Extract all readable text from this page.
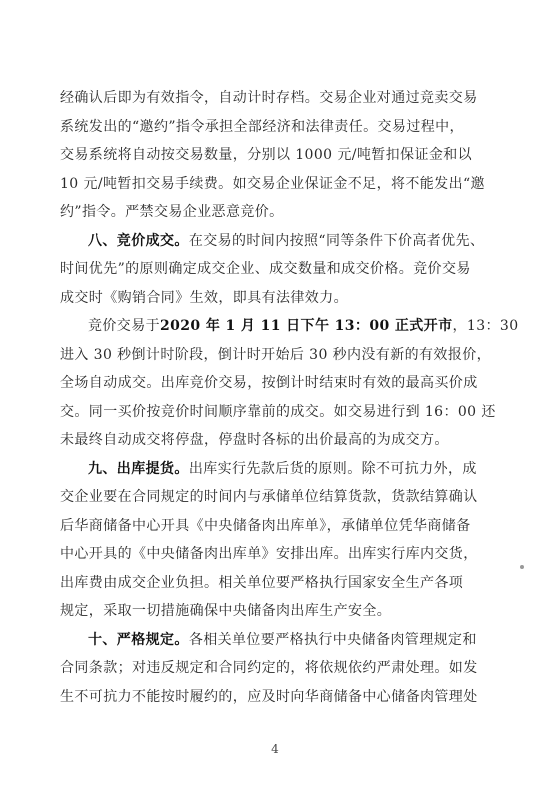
经确认后即为有效指令，自动计时存档。交易企业对通过竞卖交易
系统发出的“邀约”指令承担全部经济和法律责任。交易过程中，
交易系统将自动按交易数量，分别以 1000 元/吨暂扣保证金和以
10 元/吨暂扣交易手续费。如交易企业保证金不足，将不能发出“邀
约”指令。严禁交易企业恶意竞价。
八、竞价成交。在交易的时间内按照“同等条件下价高者优先、
时间优先”的原则确定成交企业、成交数量和成交价格。竞价交易
成交时《购销合同》生效，即具有法律效力。
竞价交易于2020 年 1 月 11 日下午 13：00 正式开市，13：30
进入 30 秒倒计时阶段，倒计时开始后 30 秒内没有新的有效报价，
全场自动成交。出库竞价交易，按倒计时结束时有效的最高买价成
交。同一买价按竞价时间顺序靠前的成交。如交易进行到 16：00 还
未最终自动成交将停盘，停盘时各标的出价最高的为成交方。
九、出库提货。出库实行先款后货的原则。除不可抗力外，成
交企业要在合同规定的时间内与承储单位结算货款，货款结算确认
后华商储备中心开具《中央储备肉出库单》，承储单位凭华商储备
中心开具的《中央储备肉出库单》安排出库。出库实行库内交货，
出库费由成交企业负担。相关单位要严格执行国家安全生产各项
规定，采取一切措施确保中央储备肉出库生产安全。
十、严格规定。各相关单位要严格执行中央储备肉管理规定和
合同条款；对违反规定和合同约定的，将依规依约严肃处理。如发
生不可抗力不能按时履约的，应及时向华商储备中心储备肉管理处
4
